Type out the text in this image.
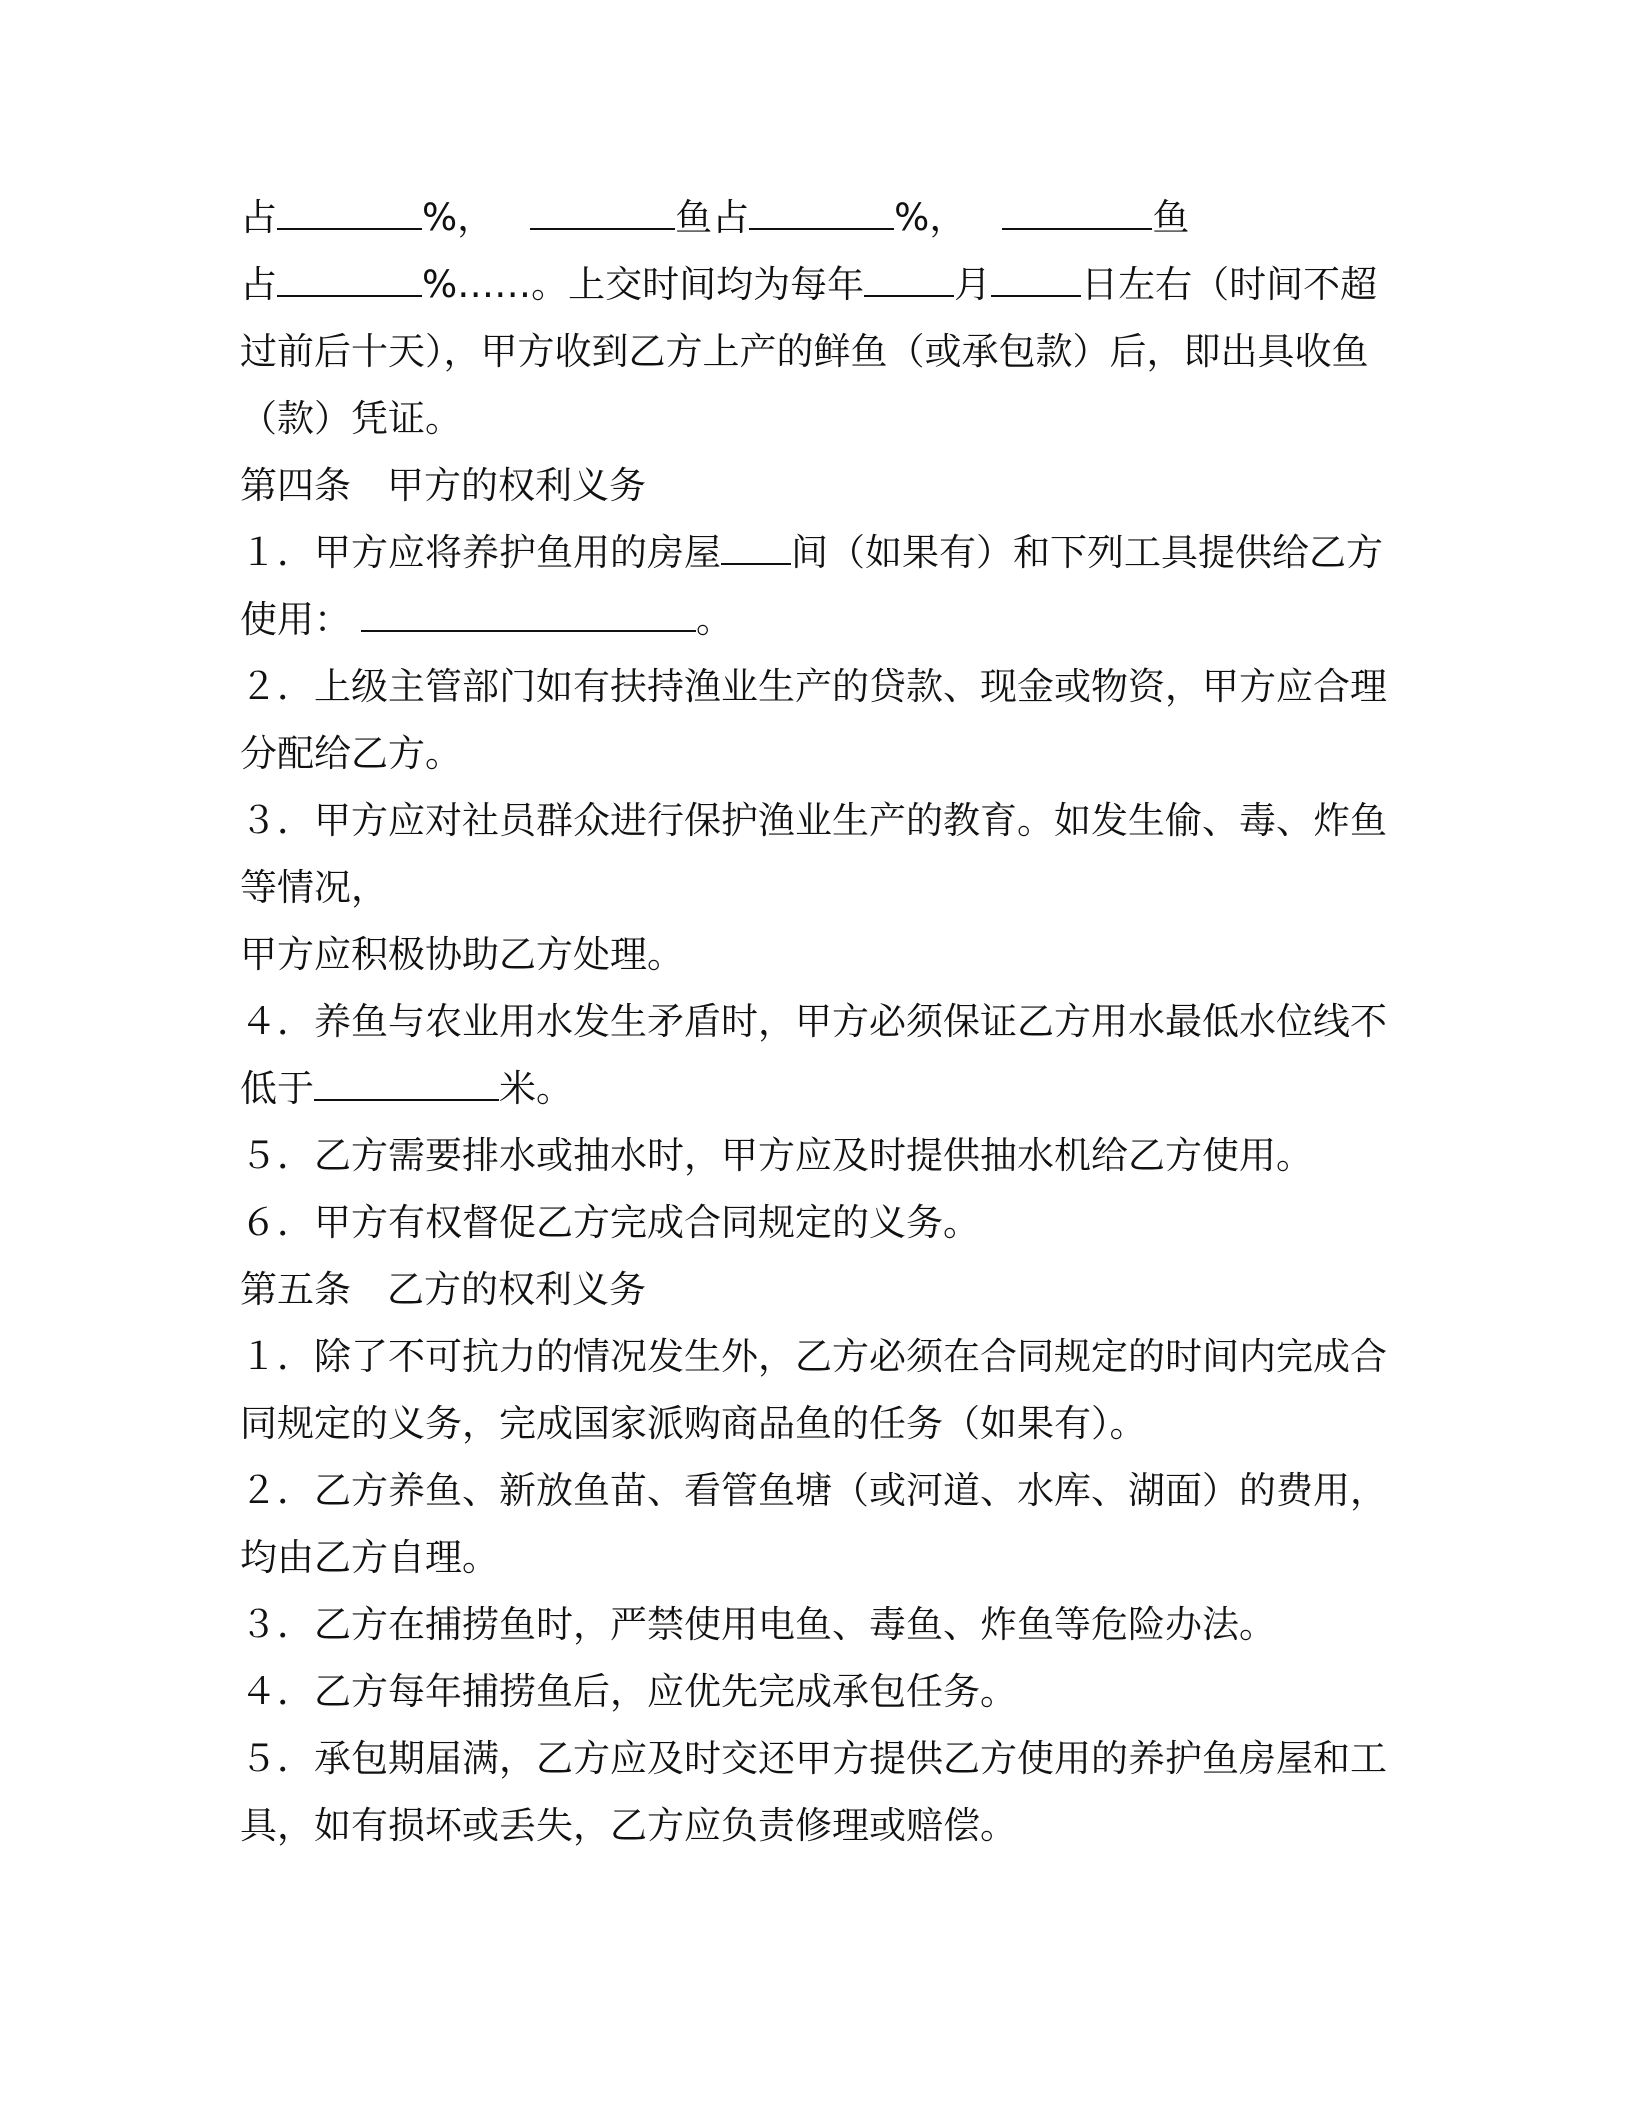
占	%，	鱼占	%，	鱼
占	%……。上交时间均为每年 月 日左右（时间不超
过前后十天），甲方收到乙方上产的鲜鱼（或承包款）后，即出具收鱼
（款）凭证。
第四条 甲方的权利义务
１．甲方应将养护鱼用的房屋 间（如果有）和下列工具提供给乙方
使用：	。
２．上级主管部门如有扶持渔业生产的贷款、现金或物资，甲方应合理
分配给乙方。
３．甲方应对社员群众进行保护渔业生产的教育。如发生偷、毒、炸鱼
等情况，
甲方应积极协助乙方处理。
４．养鱼与农业用水发生矛盾时，甲方必须保证乙方用水最低水位线不
低于	米。
５．乙方需要排水或抽水时，甲方应及时提供抽水机给乙方使用。
６．甲方有权督促乙方完成合同规定的义务。
第五条 乙方的权利义务
１．除了不可抗力的情况发生外，乙方必须在合同规定的时间内完成合
同规定的义务，完成国家派购商品鱼的任务（如果有）。
２．乙方养鱼、新放鱼苗、看管鱼塘（或河道、水库、湖面）的费用，
均由乙方自理。
３．乙方在捕捞鱼时，严禁使用电鱼、毒鱼、炸鱼等危险办法。
４．乙方每年捕捞鱼后，应优先完成承包任务。
５．承包期届满，乙方应及时交还甲方提供乙方使用的养护鱼房屋和工
具，如有损坏或丢失，乙方应负责修理或赔偿。
